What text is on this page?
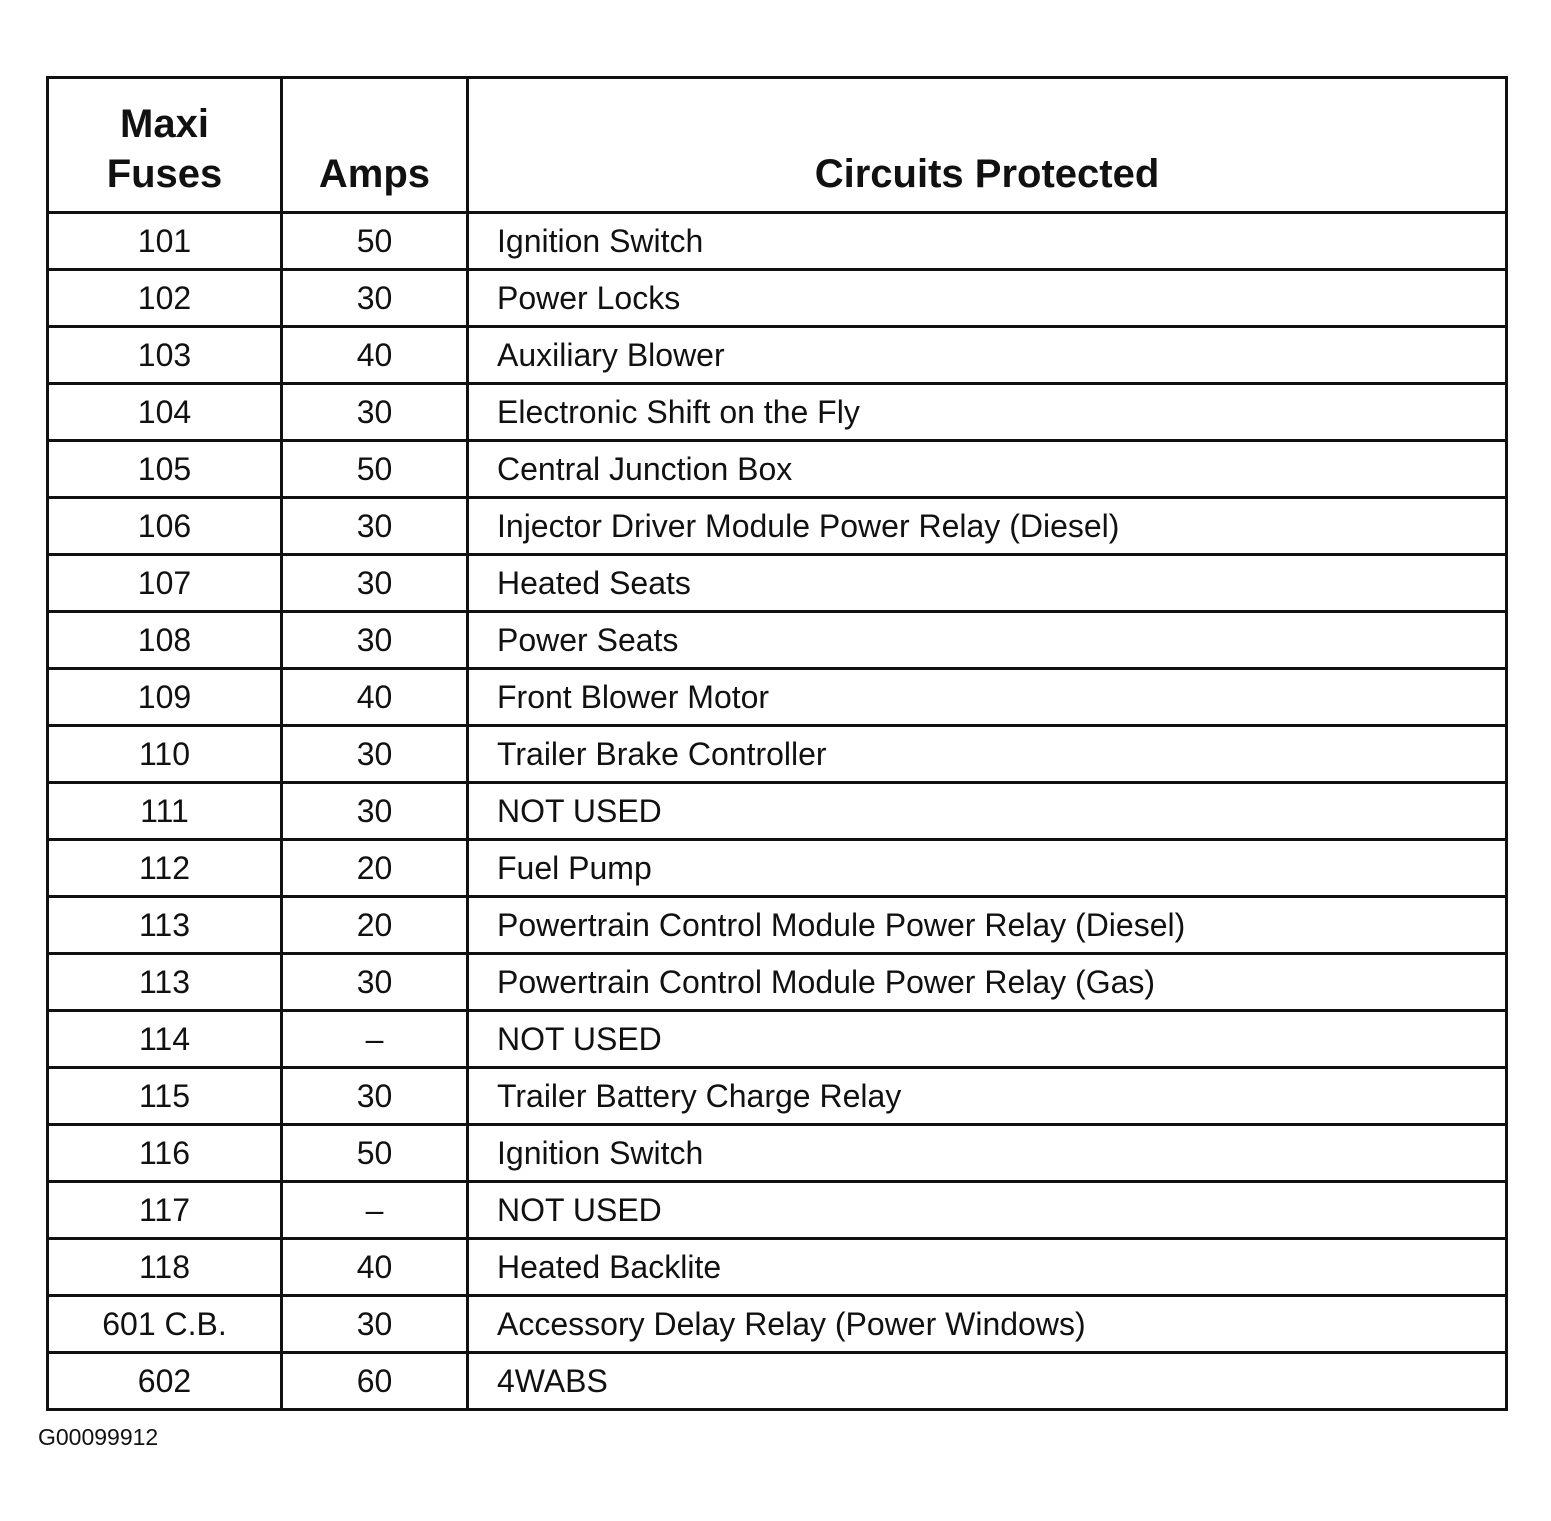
Maxi
Fuses	Amps	Circuits Protected
101	50	Ignition Switch
102	30	Power Locks
103	40	Auxiliary Blower
104	30	Electronic Shift on the Fly
105	50	Central Junction Box
106	30	Injector Driver Module Power Relay (Diesel)
107	30	Heated Seats
108	30	Power Seats
109	40	Front Blower Motor
110	30	Trailer Brake Controller
111	30	NOT USED
112	20	Fuel Pump
113	20	Powertrain Control Module Power Relay (Diesel)
113	30	Powertrain Control Module Power Relay (Gas)
114	–	NOT USED
115	30	Trailer Battery Charge Relay
116	50	Ignition Switch
117	–	NOT USED
118	40	Heated Backlite
601 C.B.	30	Accessory Delay Relay (Power Windows)
602	60	4WABS
G00099912
